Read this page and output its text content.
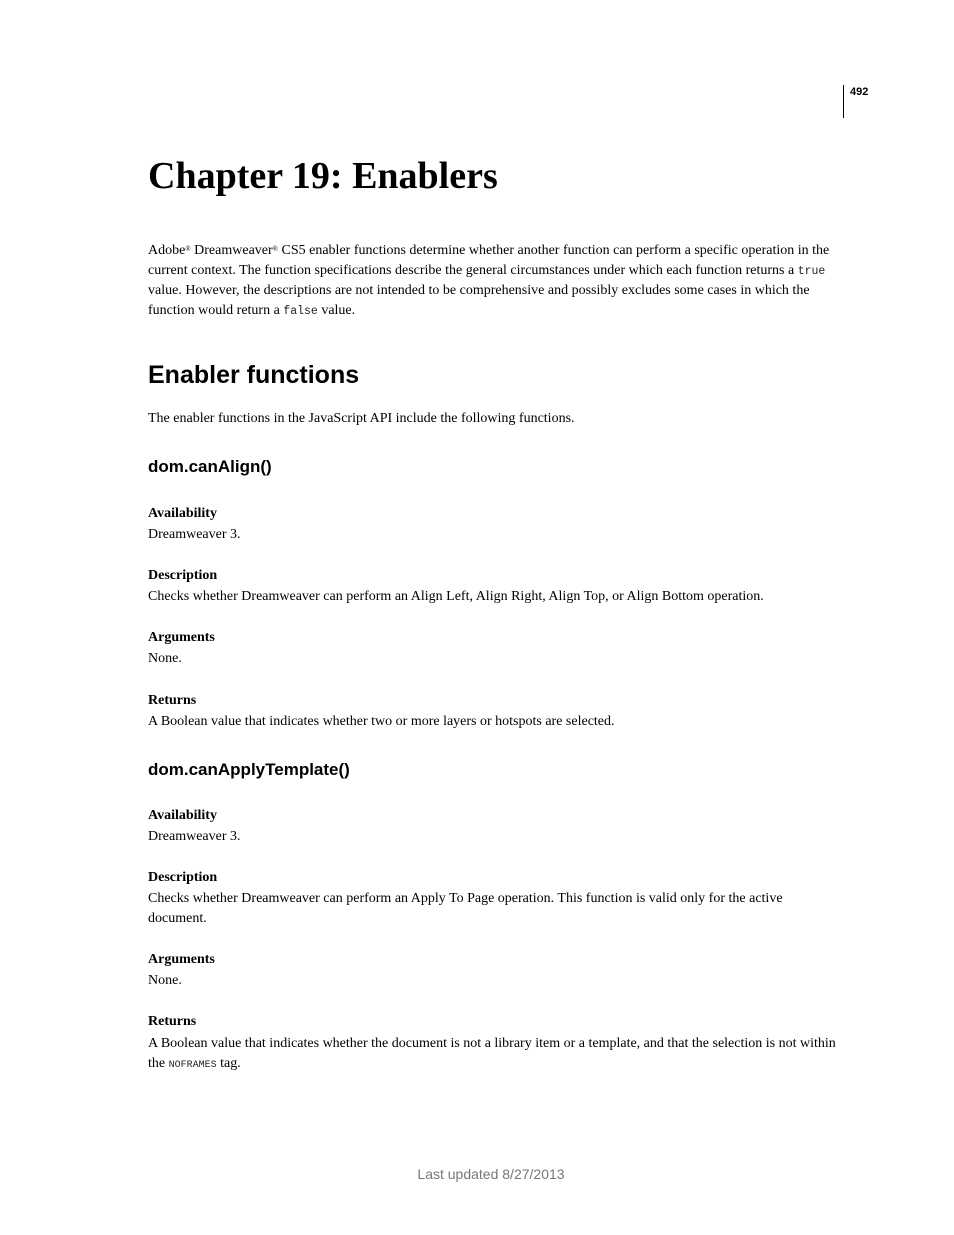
492
Chapter 19: Enablers

Adobe® Dreamweaver® CS5 enabler functions determine whether another function can perform a specific operation in the current context. The function specifications describe the general circumstances under which each function returns a true value. However, the descriptions are not intended to be comprehensive and possibly excludes some cases in which the function would return a false value.

Enabler functions

The enabler functions in the JavaScript API include the following functions.

dom.canAlign()
Availability

Dreamweaver 3.

Description

Checks whether Dreamweaver can perform an Align Left, Align Right, Align Top, or Align Bottom operation.

Arguments

None.

Returns

A Boolean value that indicates whether two or more layers or hotspots are selected.

dom.canApplyTemplate()
Availability

Dreamweaver 3.

Description

Checks whether Dreamweaver can perform an Apply To Page operation. This function is valid only for the active document.

Arguments

None.

Returns

A Boolean value that indicates whether the document is not a library item or a template, and that the selection is not within the NOFRAMES tag.

Last updated 8/27/2013
